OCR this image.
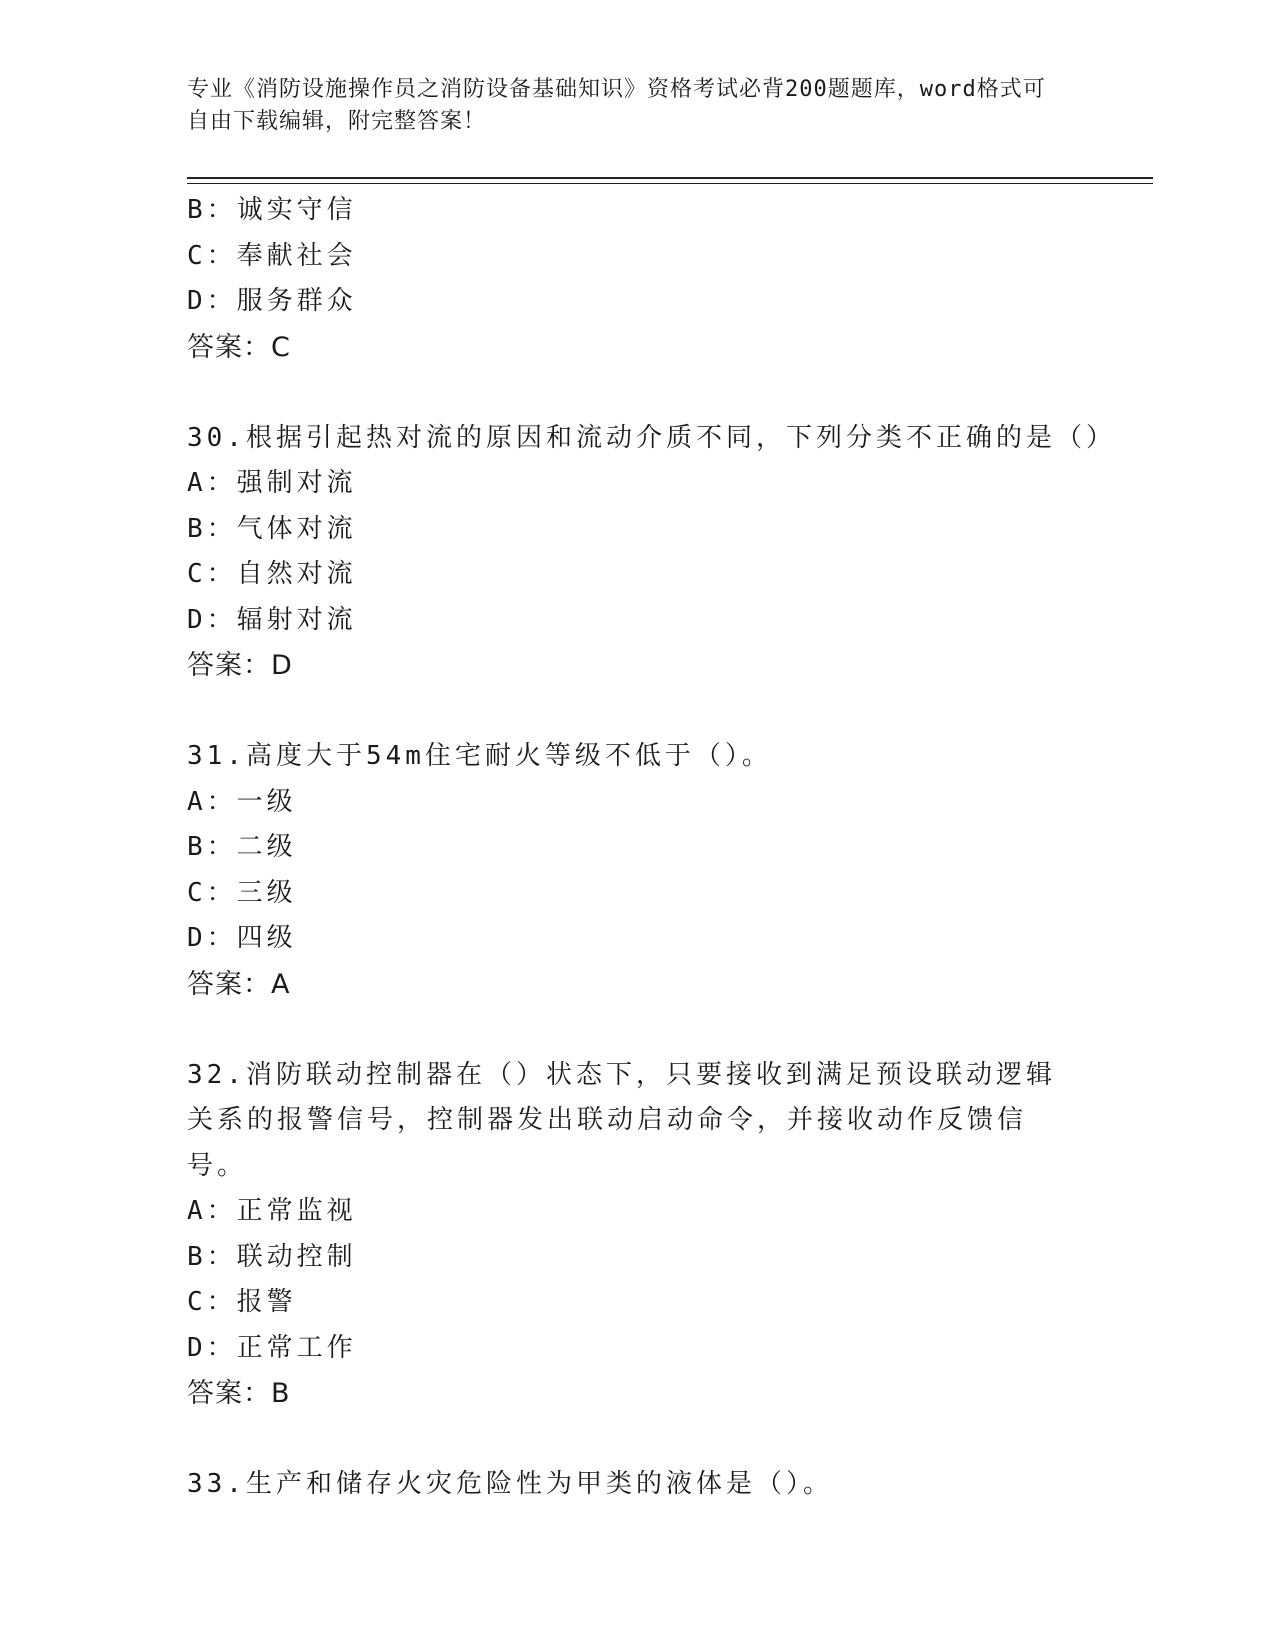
专业《消防设施操作员之消防设备基础知识》资格考试必背200题题库，word格式可自由下载编辑，附完整答案！
B：诚实守信
C：奉献社会
D：服务群众
答案：C
30.根据引起热对流的原因和流动介质不同，下列分类不正确的是（）
A：强制对流
B：气体对流
C：自然对流
D：辐射对流
答案：D
31.高度大于54m住宅耐火等级不低于（）。
A：一级
B：二级
C：三级
D：四级
答案：A
32.消防联动控制器在（）状态下，只要接收到满足预设联动逻辑关系的报警信号，控制器发出联动启动命令，并接收动作反馈信号。
A：正常监视
B：联动控制
C：报警
D：正常工作
答案：B
33.生产和储存火灾危险性为甲类的液体是（）。
